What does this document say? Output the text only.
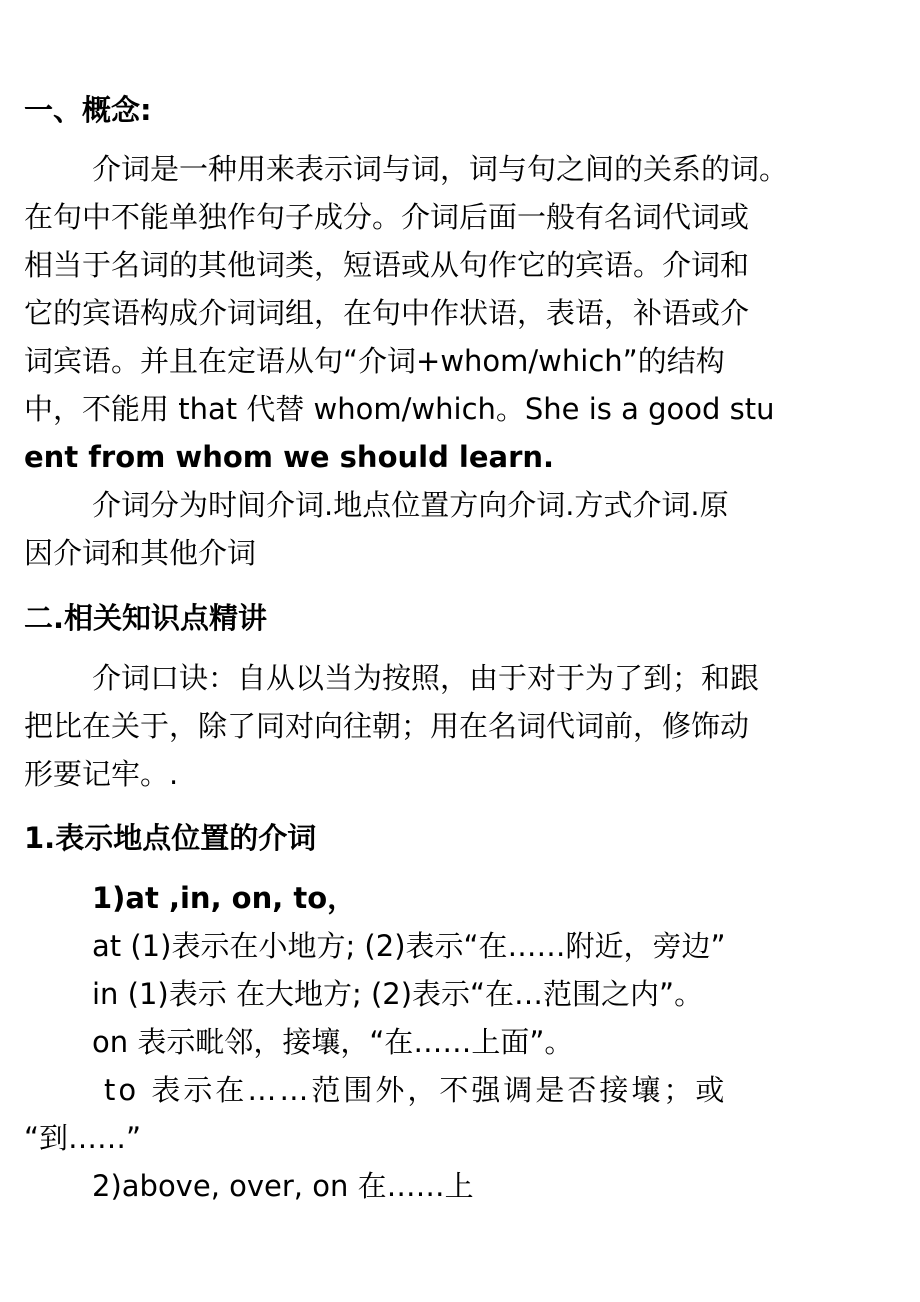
一、概念:
介词是一种用来表示词与词，词与句之间的关系的词。
在句中不能单独作句子成分。介词后面一般有名词代词或
相当于名词的其他词类，短语或从句作它的宾语。介词和
它的宾语构成介词词组，在句中作状语，表语，补语或介
词宾语。并且在定语从句“介词+whom/which”的结构
中，不能用 that 代替 whom/which。She is a good stu
ent from whom we should learn.
介词分为时间介词.地点位置方向介词.方式介词.原
因介词和其他介词
二.相关知识点精讲
介词口诀：自从以当为按照，由于对于为了到；和跟
把比在关于，除了同对向往朝；用在名词代词前，修饰动
形要记牢。.
1.表示地点位置的介词
1)at ,in, on, to，
at (1)表示在小地方; (2)表示“在……附近，旁边”
in (1)表示 在大地方; (2)表示“在…范围之内”。
on 表示毗邻，接壤，“在……上面”。
to 表示在……范围外，不强调是否接壤；或
“到……”
2)above, over, on 在……上
